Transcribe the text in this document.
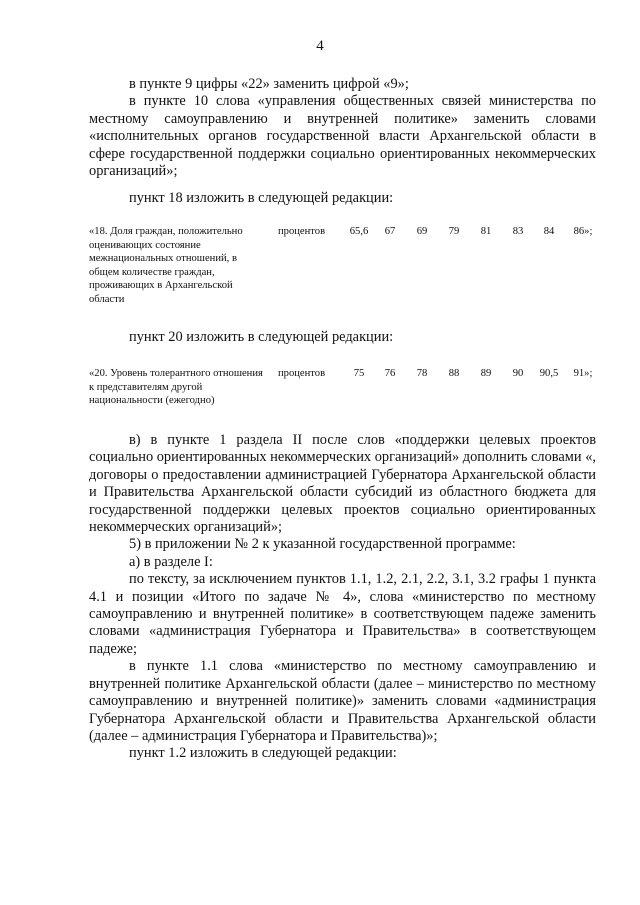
4

в пункте 9 цифры «22» заменить цифрой «9»;

в пункте 10 слова «управления общественных связей министерства по местному самоуправлению и внутренней политике» заменить словами «исполнительных органов государственной власти Архангельской области в сфере государственной поддержки социально ориентированных некоммерческих организаций»;

пункт 18 изложить в следующей редакции:

«18. Доля граждан, положительно оценивающих состояние межнациональных отношений, в общем количестве граждан, проживающих в Архангельской области
процентов	65,6	67	69	79	81	83	84	86»;

пункт 20 изложить в следующей редакции:

«20. Уровень толерантного отношения к представителям другой национальности (ежегодно)
процентов	75	76	78	88	89	90	90,5	91»;

в) в пункте 1 раздела II после слов «поддержки целевых проектов социально ориентированных некоммерческих организаций» дополнить словами «, договоры о предоставлении администрацией Губернатора Архангельской области и Правительства Архангельской области субсидий из областного бюджета для государственной поддержки целевых проектов социально ориентированных некоммерческих организаций»;

5) в приложении № 2 к указанной государственной программе:

а) в разделе I:

по тексту, за исключением пунктов 1.1, 1.2, 2.1, 2.2, 3.1, 3.2 графы 1 пункта 4.1 и позиции «Итого по задаче № 4», слова «министерство по местному самоуправлению и внутренней политике» в соответствующем падеже заменить словами «администрация Губернатора и Правительства» в соответствующем падеже;

в пункте 1.1 слова «министерство по местному самоуправлению и внутренней политике Архангельской области (далее – министерство по местному самоуправлению и внутренней политике)» заменить словами «администрация Губернатора Архангельской области и Правительства Архангельской области (далее – администрация Губернатора и Правительства)»;

пункт 1.2 изложить в следующей редакции:
